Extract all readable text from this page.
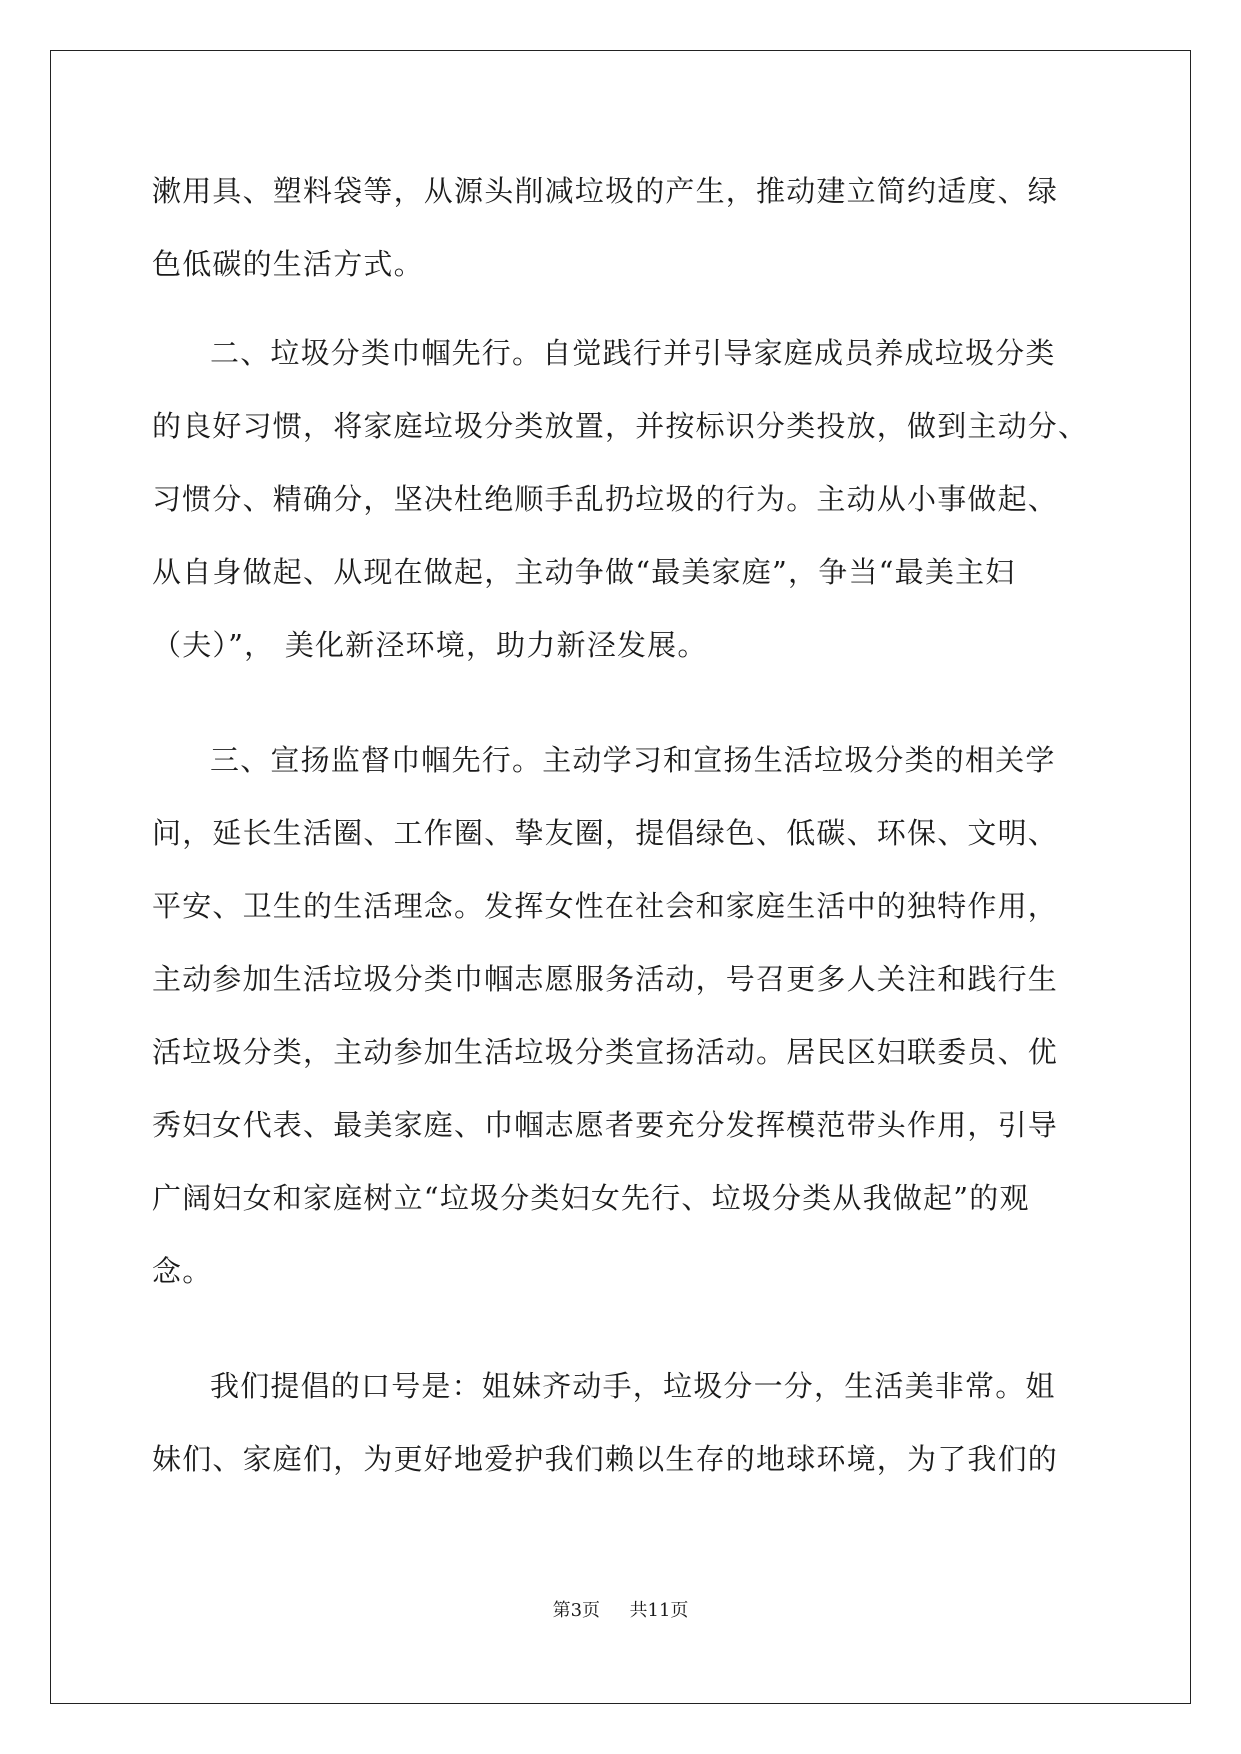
漱用具、塑料袋等，从源头削减垃圾的产生，推动建立简约适度、绿

色低碳的生活方式。

二、垃圾分类巾帼先行。自觉践行并引导家庭成员养成垃圾分类

的良好习惯，将家庭垃圾分类放置，并按标识分类投放，做到主动分、

习惯分、精确分，坚决杜绝顺手乱扔垃圾的行为。主动从小事做起、

从自身做起、从现在做起，主动争做“最美家庭”，争当“最美主妇

（夫）”， 美化新泾环境，助力新泾发展。

三、宣扬监督巾帼先行。主动学习和宣扬生活垃圾分类的相关学

问，延长生活圈、工作圈、挚友圈，提倡绿色、低碳、环保、文明、

平安、卫生的生活理念。发挥女性在社会和家庭生活中的独特作用，

主动参加生活垃圾分类巾帼志愿服务活动，号召更多人关注和践行生

活垃圾分类，主动参加生活垃圾分类宣扬活动。居民区妇联委员、优

秀妇女代表、最美家庭、巾帼志愿者要充分发挥模范带头作用，引导

广阔妇女和家庭树立“垃圾分类妇女先行、垃圾分类从我做起”的观

念。

我们提倡的口号是：姐妹齐动手，垃圾分一分，生活美非常。姐

妹们、家庭们，为更好地爱护我们赖以生存的地球环境，为了我们的

第3页 共11页
